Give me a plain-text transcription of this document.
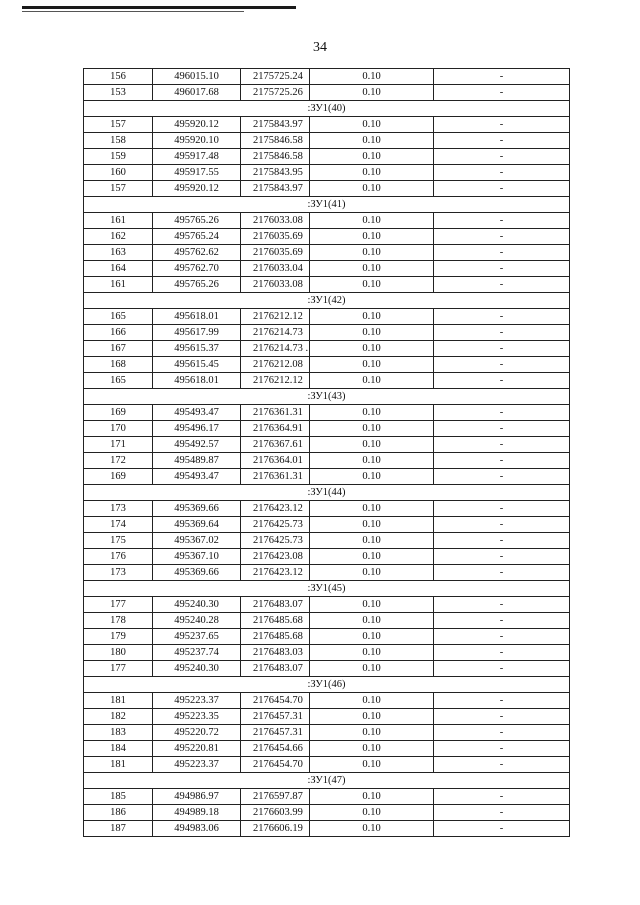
34
156	496015.10	2175725.24	0.10	-
153	496017.68	2175725.26	0.10	-
:ЗУ1(40)				
157	495920.12	2175843.97	0.10	-
158	495920.10	2175846.58	0.10	-
159	495917.48	2175846.58	0.10	-
160	495917.55	2175843.95	0.10	-
157	495920.12	2175843.97	0.10	-
:ЗУ1(41)				
161	495765.26	2176033.08	0.10	-
162	495765.24	2176035.69	0.10	-
163	495762.62	2176035.69	0.10	-
164	495762.70	2176033.04	0.10	-
161	495765.26	2176033.08	0.10	-
:ЗУ1(42)				
165	495618.01	2176212.12	0.10	-
166	495617.99	2176214.73	0.10	-
167	495615.37	2176214.73 .	0.10	-
168	495615.45	2176212.08	0.10	-
165	495618.01	2176212.12	0.10	-
:ЗУ1(43)				
169	495493.47	2176361.31	0.10	-
170	495496.17	2176364.91	0.10	-
171	495492.57	2176367.61	0.10	-
172	495489.87	2176364.01	0.10	-
169	495493.47	2176361.31	0.10	-
:ЗУ1(44)				
173	495369.66	2176423.12	0.10	-
174	495369.64	2176425.73	0.10	-
175	495367.02	2176425.73	0.10	-
176	495367.10	2176423.08	0.10	-
173	495369.66	2176423.12	0.10	-
:ЗУ1(45)				
177	495240.30	2176483.07	0.10	-
178	495240.28	2176485.68	0.10	-
179	495237.65	2176485.68	0.10	-
180	495237.74	2176483.03	0.10	-
177	495240.30	2176483.07	0.10	-
:ЗУ1(46)				
181	495223.37	2176454.70	0.10	-
182	495223.35	2176457.31	0.10	-
183	495220.72	2176457.31	0.10	-
184	495220.81	2176454.66	0.10	-
181	495223.37	2176454.70	0.10	-
:ЗУ1(47)				
185	494986.97	2176597.87	0.10	-
186	494989.18	2176603.99	0.10	-
187	494983.06	2176606.19	0.10	-
